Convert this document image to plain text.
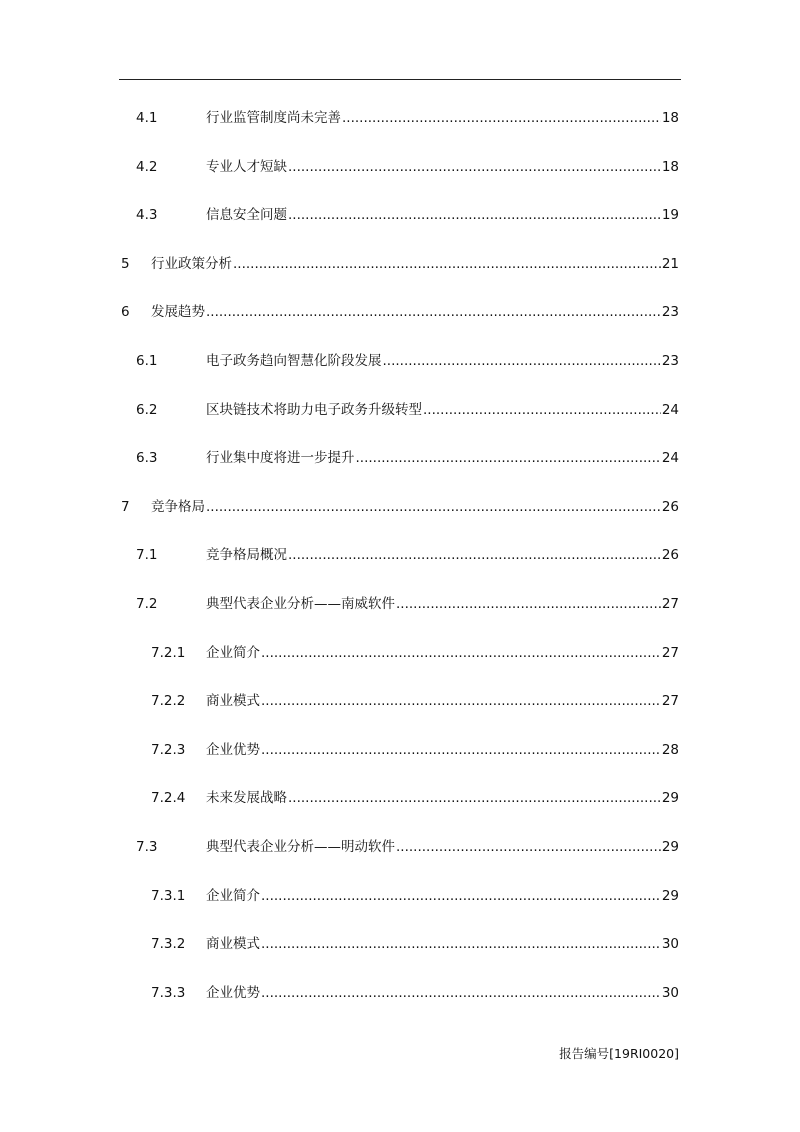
4.1	行业监管制度尚未完善 .....	18
4.2	专业人才短缺 .....	18
4.3	信息安全问题 .....	19
5 行业政策分析 .....	21
6 发展趋势 .....	23
6.1	电子政务趋向智慧化阶段发展 .....	23
6.2	区块链技术将助力电子政务升级转型 .....	24
6.3	行业集中度将进一步提升 .....	24
7 竞争格局 .....	26
7.1	竞争格局概况 .....	26
7.2	典型代表企业分析——南威软件 .....	27
7.2.1 企业简介 .....	27
7.2.2 商业模式 .....	27
7.2.3 企业优势 .....	28
7.2.4 未来发展战略 .....	29
7.3	典型代表企业分析——明动软件 .....	29
7.3.1 企业简介 .....	29
7.3.2 商业模式 .....	30
7.3.3 企业优势 .....	30
报告编号[19RI0020]
